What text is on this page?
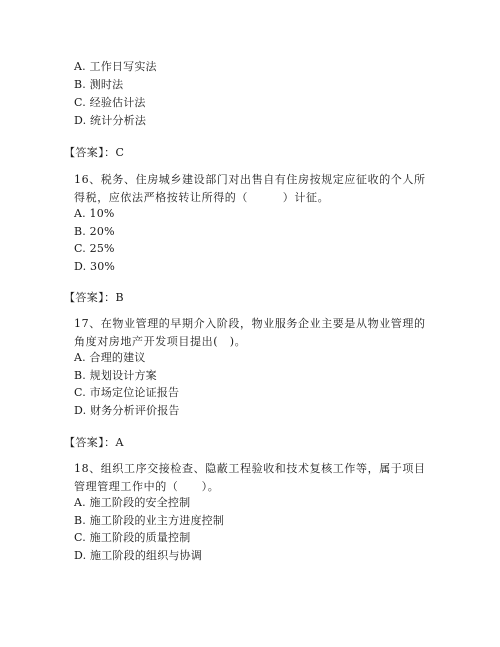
A. 工作日写实法
B. 测时法
C. 经验估计法
D. 统计分析法
【答案】：C
16、税务、住房城乡建设部门对出售自有住房按规定应征收的个人所
得税，应依法严格按转让所得的（　　　）计征。
A. 10%
B. 20%
C. 25%
D. 30%
【答案】：B
17、在物业管理的早期介入阶段，物业服务企业主要是从物业管理的
角度对房地产开发项目提出(　)。
A. 合理的建议
B. 规划设计方案
C. 市场定位论证报告
D. 财务分析评价报告
【答案】：A
18、组织工序交接检查、隐蔽工程验收和技术复核工作等，属于项目
管理管理工作中的（　　）。
A. 施工阶段的安全控制
B. 施工阶段的业主方进度控制
C. 施工阶段的质量控制
D. 施工阶段的组织与协调
